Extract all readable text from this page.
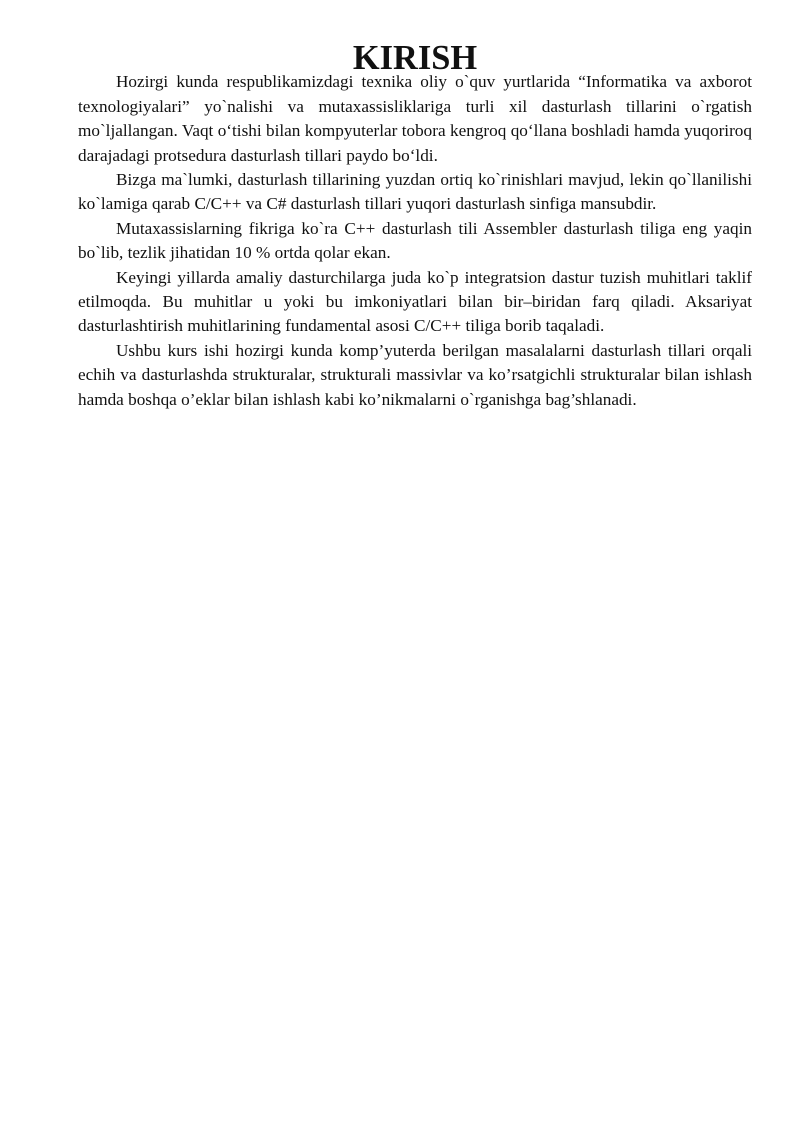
KIRISH

Hozirgi kunda respublikamizdagi texnika oliy o`quv yurtlarida “Informatika va axborot texnologiyalari” yo`nalishi va mutaxassisliklariga turli xil dasturlash tillarini o`rgatish mo`ljallangan. Vaqt o‘tishi bilan kompyuterlar tobora kengroq qo‘llana boshladi hamda yuqoriroq darajadagi protsedura dasturlash tillari paydo bo‘ldi.

Bizga ma`lumki, dasturlash tillarining yuzdan ortiq ko`rinishlari mavjud, lekin qo`llanilishi ko`lamiga qarab C/C++ va C# dasturlash tillari yuqori dasturlash sinfiga mansubdir.

Mutaxassislarning fikriga ko`ra C++ dasturlash tili Assembler dasturlash tiliga eng yaqin bo`lib, tezlik jihatidan 10 % ortda qolar ekan.

Keyingi yillarda amaliy dasturchilarga juda ko`p integratsion dastur tuzish muhitlari taklif etilmoqda. Bu muhitlar u yoki bu imkoniyatlari bilan bir–biridan farq qiladi. Aksariyat dasturlashtirish muhitlarining fundamental asosi C/C++ tiliga borib taqaladi.

Ushbu kurs ishi hozirgi kunda komp’yuterda berilgan masalalarni dasturlash tillari orqali echih va dasturlashda strukturalar, strukturali massivlar va ko’rsatgichli strukturalar bilan ishlash hamda boshqa o’eklar bilan ishlash kabi ko’nikmalarni o`rganishga bag’shlanadi.
